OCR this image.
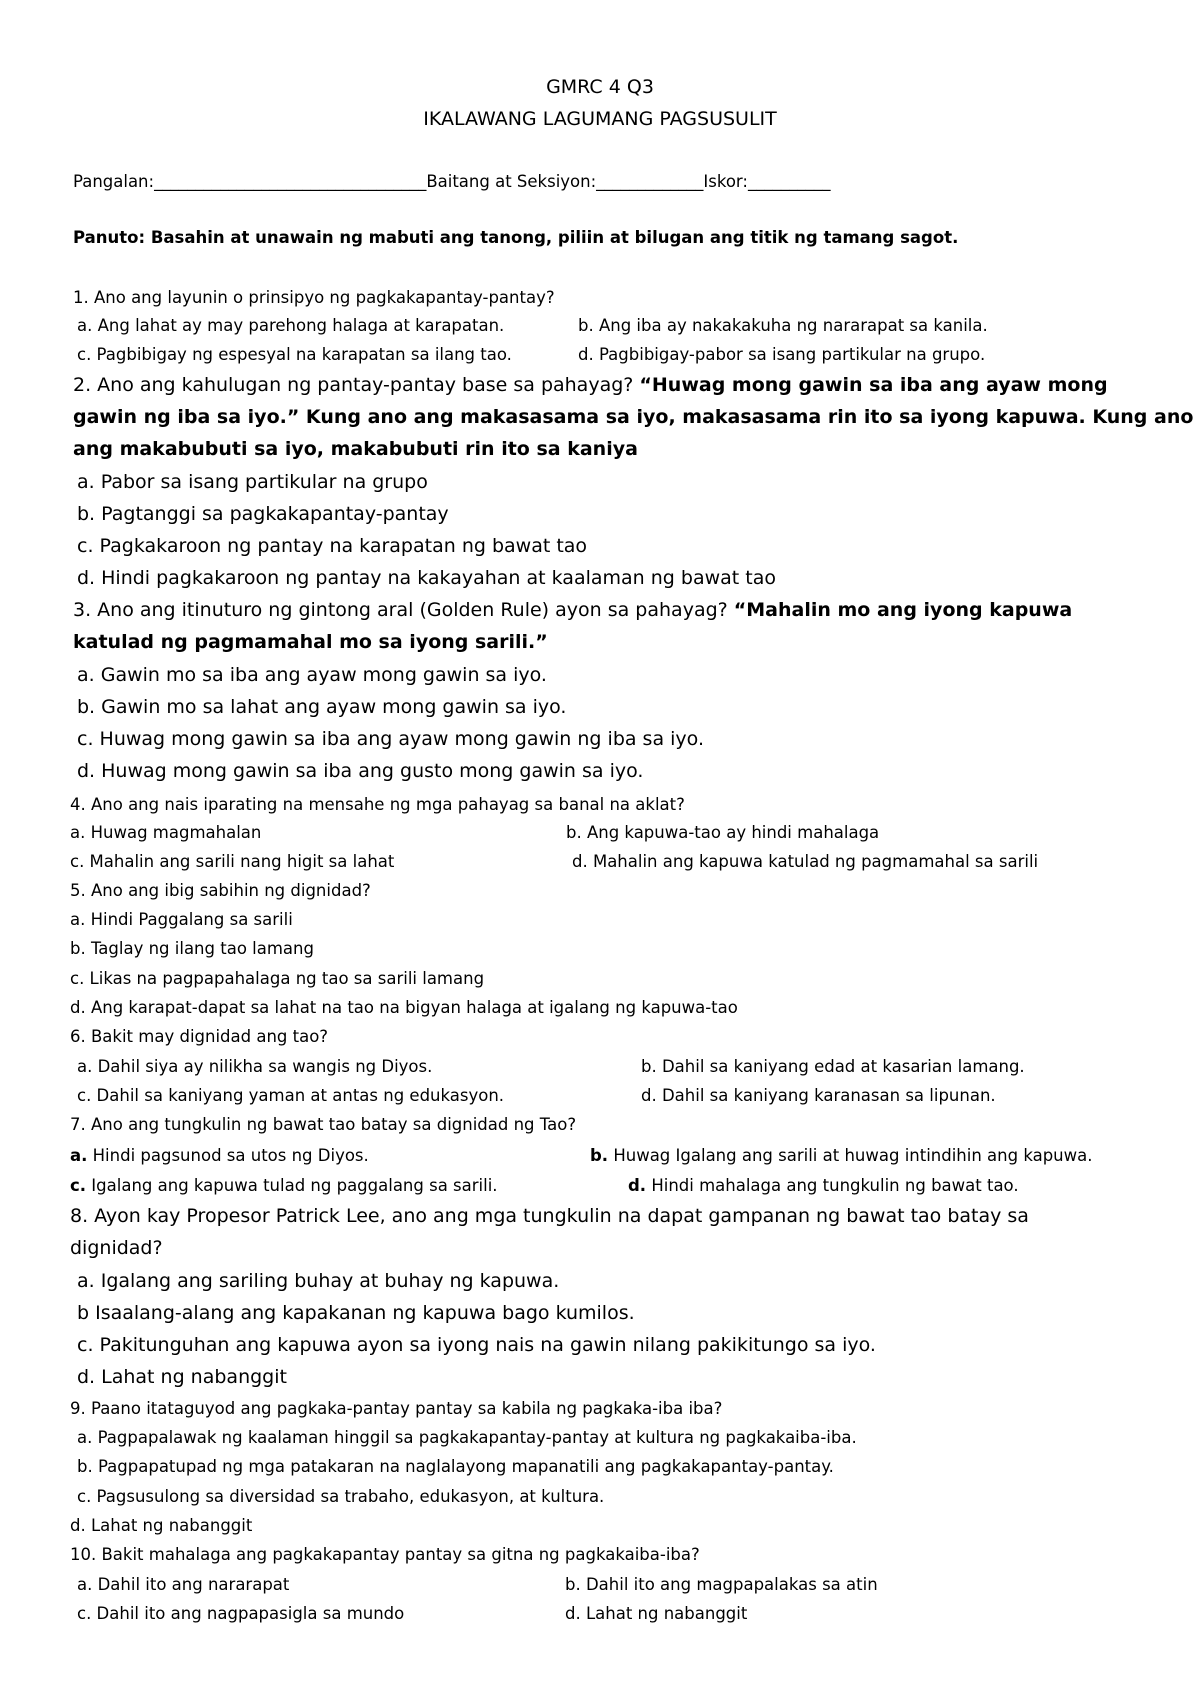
GMRC 4 Q3
IKALAWANG LAGUMANG PAGSUSULIT
Pangalan:_________________________________Baitang at Seksiyon:_____________Iskor:__________
Panuto: Basahin at unawain ng mabuti ang tanong, piliin at bilugan ang titik ng tamang sagot.
1. Ano ang layunin o prinsipyo ng pagkakapantay-pantay?
a. Ang lahat ay may parehong halaga at karapatan.	b. Ang iba ay nakakakuha ng nararapat sa kanila.
c. Pagbibigay ng espesyal na karapatan sa ilang tao.	d. Pagbibigay-pabor sa isang partikular na grupo.
2. Ano ang kahulugan ng pantay-pantay base sa pahayag? “Huwag mong gawin sa iba ang ayaw mong
gawin ng iba sa iyo.” Kung ano ang makasasama sa iyo, makasasama rin ito sa iyong kapuwa. Kung ano
ang makabubuti sa iyo, makabubuti rin ito sa kaniya
a. Pabor sa isang partikular na grupo
b. Pagtanggi sa pagkakapantay-pantay
c. Pagkakaroon ng pantay na karapatan ng bawat tao
d. Hindi pagkakaroon ng pantay na kakayahan at kaalaman ng bawat tao
3. Ano ang itinuturo ng gintong aral (Golden Rule) ayon sa pahayag? “Mahalin mo ang iyong kapuwa
katulad ng pagmamahal mo sa iyong sarili.”
a. Gawin mo sa iba ang ayaw mong gawin sa iyo.
b. Gawin mo sa lahat ang ayaw mong gawin sa iyo.
c. Huwag mong gawin sa iba ang ayaw mong gawin ng iba sa iyo.
d. Huwag mong gawin sa iba ang gusto mong gawin sa iyo.
4. Ano ang nais iparating na mensahe ng mga pahayag sa banal na aklat?
a. Huwag magmahalan	b. Ang kapuwa-tao ay hindi mahalaga
c. Mahalin ang sarili nang higit sa lahat	d. Mahalin ang kapuwa katulad ng pagmamahal sa sarili
5. Ano ang ibig sabihin ng dignidad?
a. Hindi Paggalang sa sarili
b. Taglay ng ilang tao lamang
c. Likas na pagpapahalaga ng tao sa sarili lamang
d. Ang karapat-dapat sa lahat na tao na bigyan halaga at igalang ng kapuwa-tao
6. Bakit may dignidad ang tao?
a. Dahil siya ay nilikha sa wangis ng Diyos.	b. Dahil sa kaniyang edad at kasarian lamang.
c. Dahil sa kaniyang yaman at antas ng edukasyon.	d. Dahil sa kaniyang karanasan sa lipunan.
7. Ano ang tungkulin ng bawat tao batay sa dignidad ng Tao?
a. Hindi pagsunod sa utos ng Diyos.	b. Huwag Igalang ang sarili at huwag intindihin ang kapuwa.
c. Igalang ang kapuwa tulad ng paggalang sa sarili.	d. Hindi mahalaga ang tungkulin ng bawat tao.
8. Ayon kay Propesor Patrick Lee, ano ang mga tungkulin na dapat gampanan ng bawat tao batay sa
dignidad?
a. Igalang ang sariling buhay at buhay ng kapuwa.
b Isaalang-alang ang kapakanan ng kapuwa bago kumilos.
c. Pakitunguhan ang kapuwa ayon sa iyong nais na gawin nilang pakikitungo sa iyo.
d. Lahat ng nabanggit
9. Paano itataguyod ang pagkaka-pantay pantay sa kabila ng pagkaka-iba iba?
a. Pagpapalawak ng kaalaman hinggil sa pagkakapantay-pantay at kultura ng pagkakaiba-iba.
b. Pagpapatupad ng mga patakaran na naglalayong mapanatili ang pagkakapantay-pantay.
c. Pagsusulong sa diversidad sa trabaho, edukasyon, at kultura.
d. Lahat ng nabanggit
10. Bakit mahalaga ang pagkakapantay pantay sa gitna ng pagkakaiba-iba?
a. Dahil ito ang nararapat	b. Dahil ito ang magpapalakas sa atin
c. Dahil ito ang nagpapasigla sa mundo	d. Lahat ng nabanggit
